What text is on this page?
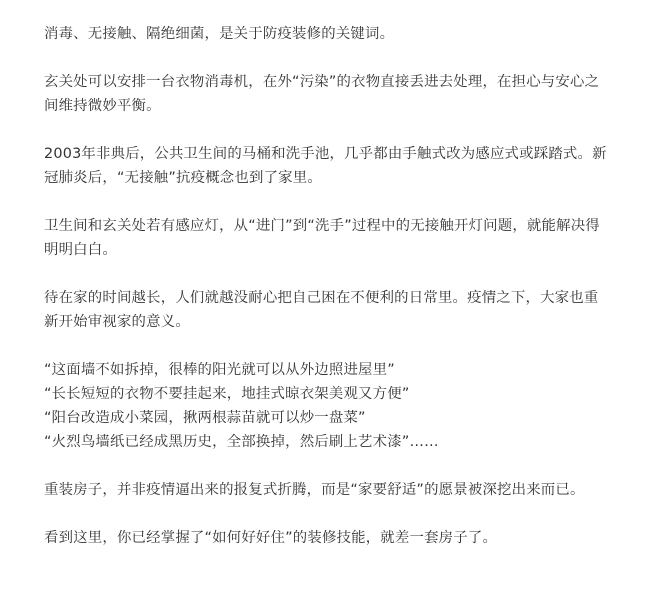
消毒、无接触、隔绝细菌，是关于防疫装修的关键词。

玄关处可以安排一台衣物消毒机，在外“污染”的衣物直接丢进去处理，在担心与安心之间维持微妙平衡。

2003年非典后，公共卫生间的马桶和洗手池，几乎都由手触式改为感应式或踩踏式。新冠肺炎后，“无接触”抗疫概念也到了家里。

卫生间和玄关处若有感应灯，从“进门”到“洗手”过程中的无接触开灯问题，就能解决得明明白白。

待在家的时间越长，人们就越没耐心把自己困在不便利的日常里。疫情之下，大家也重新开始审视家的意义。

“这面墙不如拆掉，很棒的阳光就可以从外边照进屋里”
“长长短短的衣物不要挂起来，地挂式晾衣架美观又方便”
“阳台改造成小菜园，揪两根蒜苗就可以炒一盘菜”
“火烈鸟墙纸已经成黑历史，全部换掉，然后刷上艺术漆”……

重装房子，并非疫情逼出来的报复式折腾，而是“家要舒适”的愿景被深挖出来而已。

看到这里，你已经掌握了“如何好好住”的装修技能，就差一套房子了。
